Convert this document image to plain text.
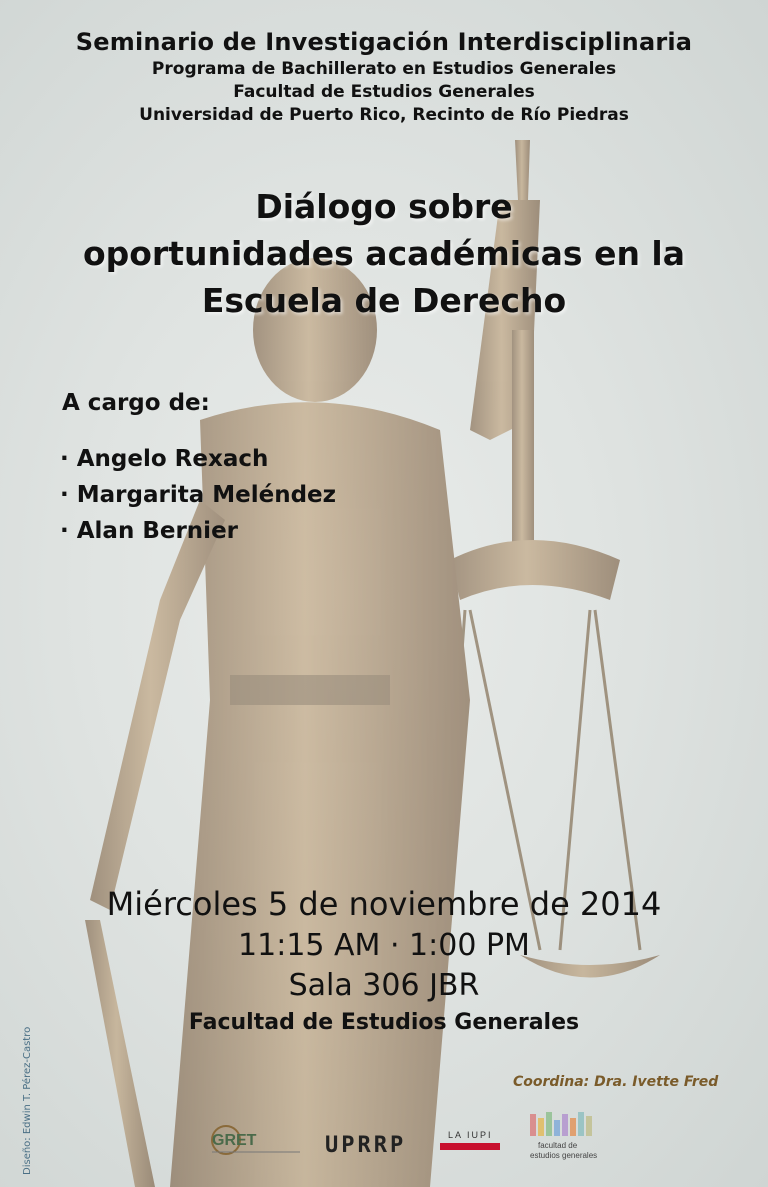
Seminario de Investigación Interdisciplinaria
Programa de Bachillerato en Estudios Generales
Facultad de Estudios Generales
Universidad de Puerto Rico, Recinto de Río Piedras
Diálogo sobre
oportunidades académicas en la
Escuela de Derecho
A cargo de:
· Angelo Rexach
· Margarita Meléndez
· Alan Bernier
Miércoles 5 de noviembre de 2014
11:15 AM · 1:00 PM
Sala 306 JBR
Facultad de Estudios Generales
Coordina: Dra. Ivette Fred
Diseño: Edwin T. Pérez-Castro	GRET	UPRRP	LA IUPI
facultad de
estudios generales
